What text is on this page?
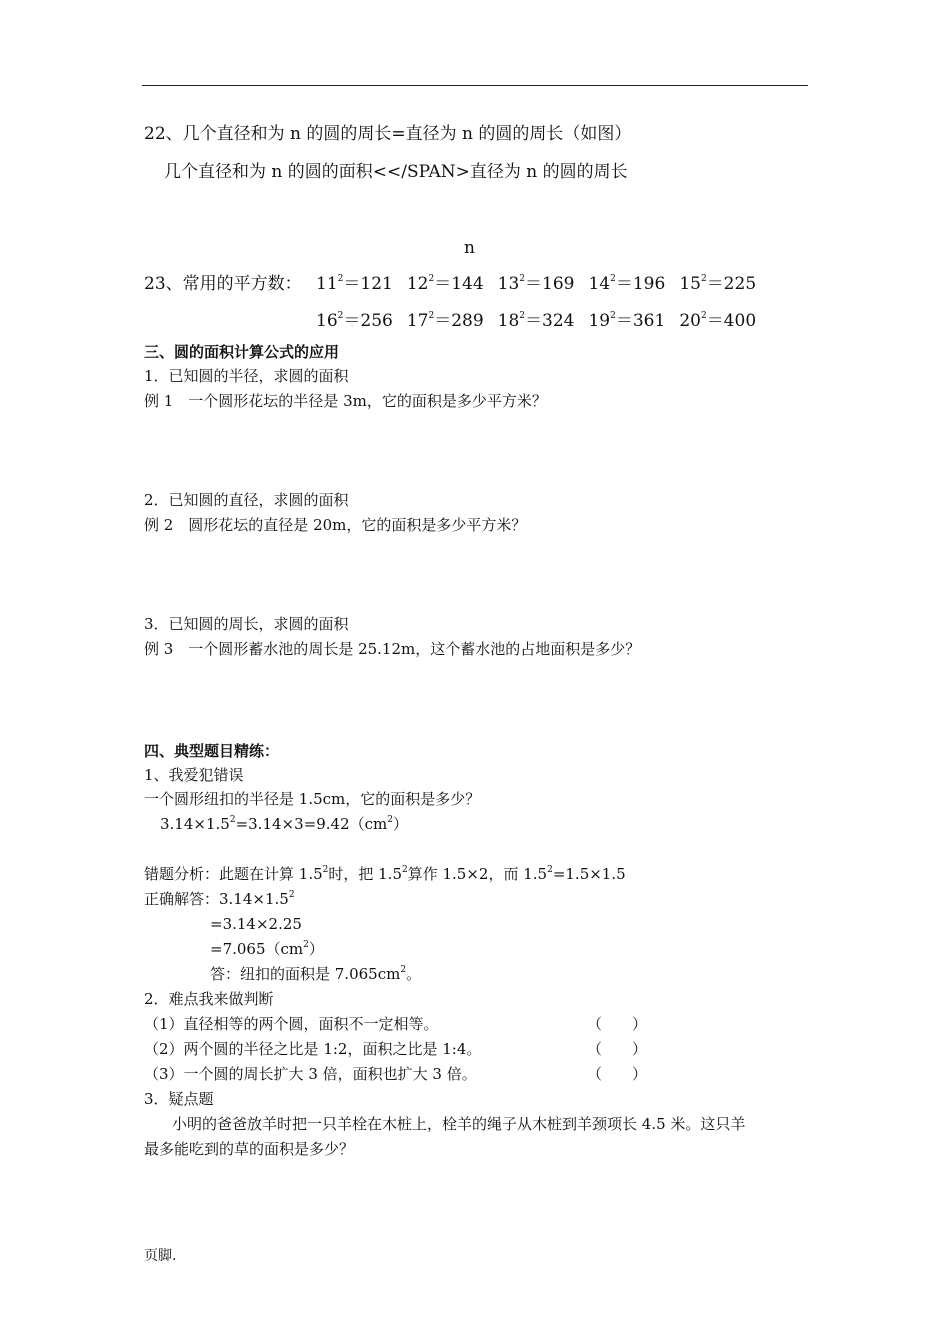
22、几个直径和为 n 的圆的周长=直径为 n 的圆的周长（如图）
几个直径和为 n 的圆的面积<</SPAN>直径为 n 的圆的周长
n
23、常用的平方数： $11^2=121$ $12^2=144$ $13^2=169$ $14^2=196$ $15^2=225$
$16^2=256$ $17^2=289$ $18^2=324$ $19^2=361$ $20^2=400$
三、圆的面积计算公式的应用
1．已知圆的半径，求圆的面积
例 1　一个圆形花坛的半径是 3m，它的面积是多少平方米？
2．已知圆的直径，求圆的面积
例 2　圆形花坛的直径是 20m，它的面积是多少平方米？
3．已知圆的周长，求圆的面积
例 3　一个圆形蓄水池的周长是 25.12m，这个蓄水池的占地面积是多少？
四、典型题目精练：
1、我爱犯错误
一个圆形纽扣的半径是 1.5cm，它的面积是多少？
$3.14\times 1.5^2=3.14\times 3=9.42(cm^2)$
错题分析：此题在计算 $1.5^2$时，把 $1.5^2$算作 1.5×2，而 $1.5^2=1.5\times 1.5$
正确解答：$3.14\times 1.5^2$
=3.14×2.25
$=7.065(cm^2)$
答：纽扣的面积是 $7.065cm^2$。
2．难点我来做判断
（1）直径相等的两个圆，面积不一定相等。	（　　）
（2）两个圆的半径之比是 1:2，面积之比是 1:4。	（　　）
（3）一个圆的周长扩大 3 倍，面积也扩大 3 倍。	（　　）
3．疑点题
小明的爸爸放羊时把一只羊栓在木桩上，栓羊的绳子从木桩到羊颈项长 4.5 米。这只羊
最多能吃到的草的面积是多少？
页脚.
